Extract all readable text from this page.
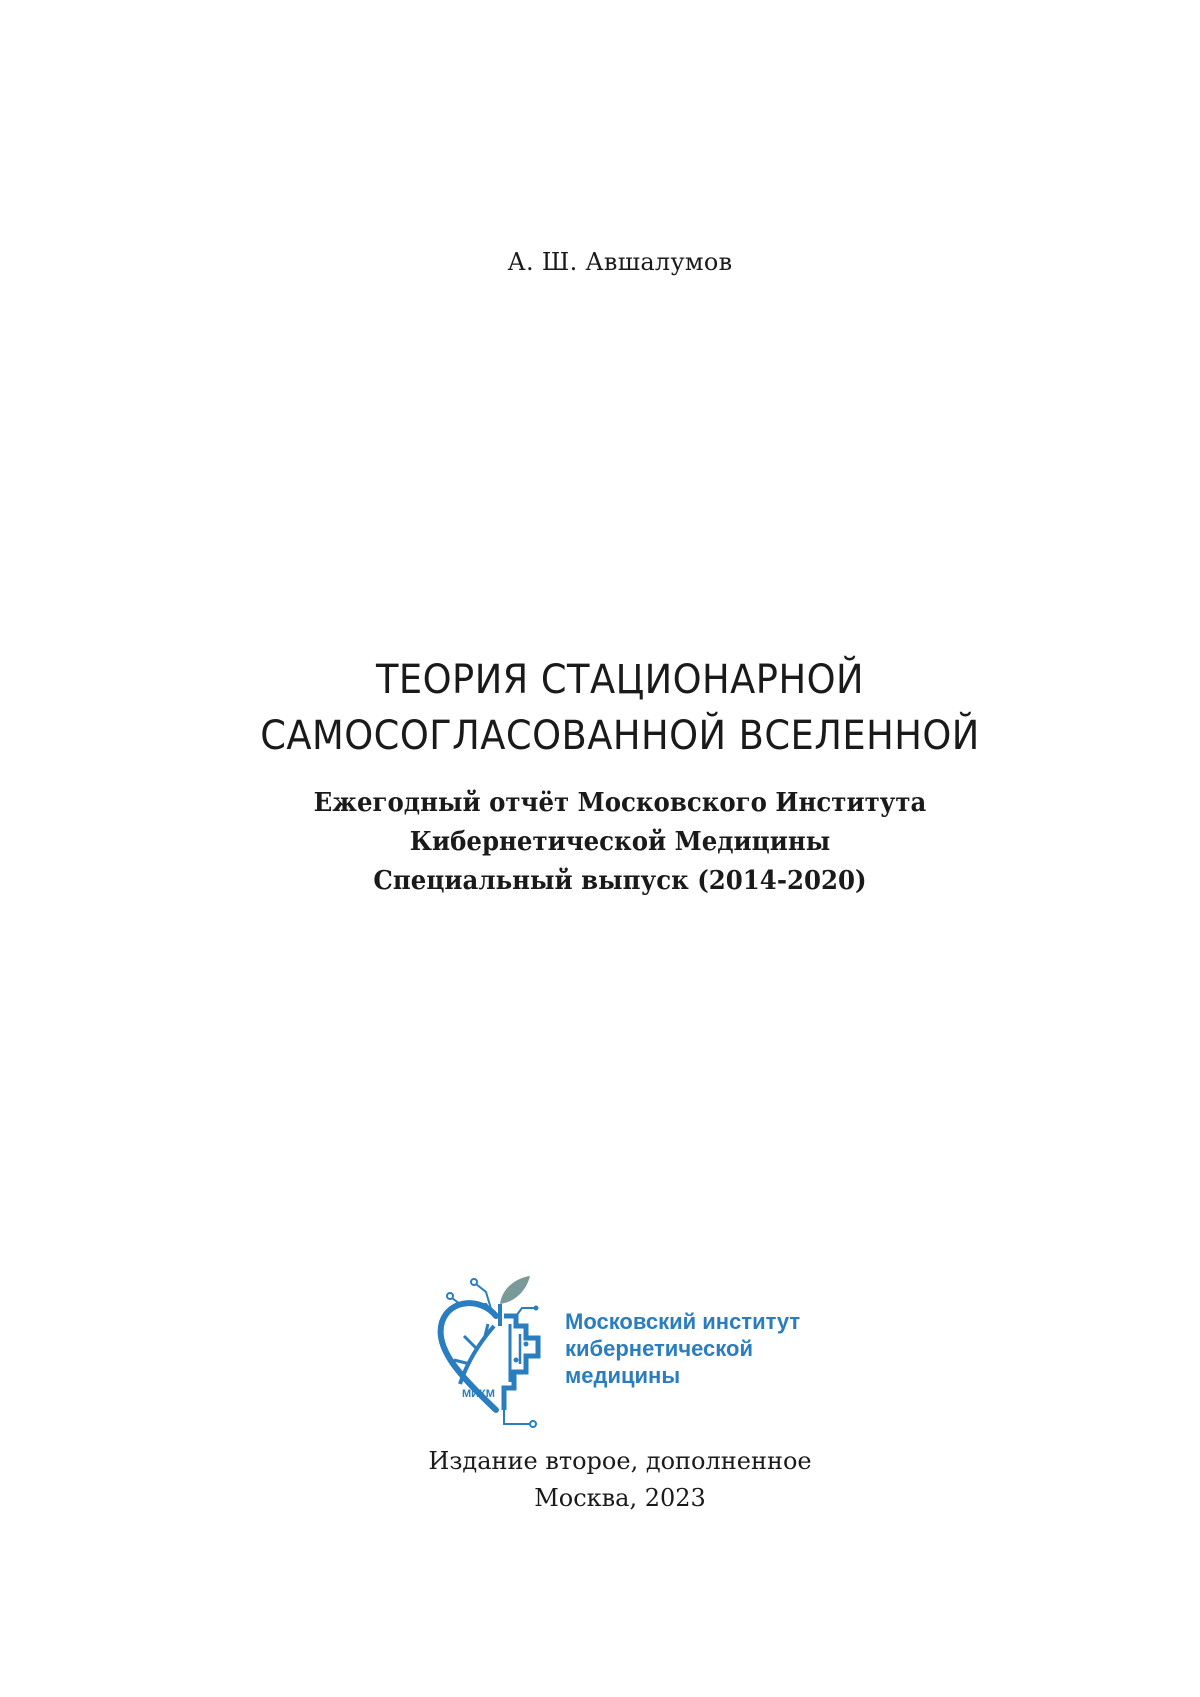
А. Ш. Авшалумов
ТЕОРИЯ СТАЦИОНАРНОЙ
САМОСОГЛАСОВАННОЙ ВСЕЛЕННОЙ
Ежегодный отчёт Московского Института
Кибернетической Медицины
Специальный выпуск (2014-2020)
МИКМ
Московский институт
кибернетической
медицины
Издание второе, дополненное
Москва, 2023
